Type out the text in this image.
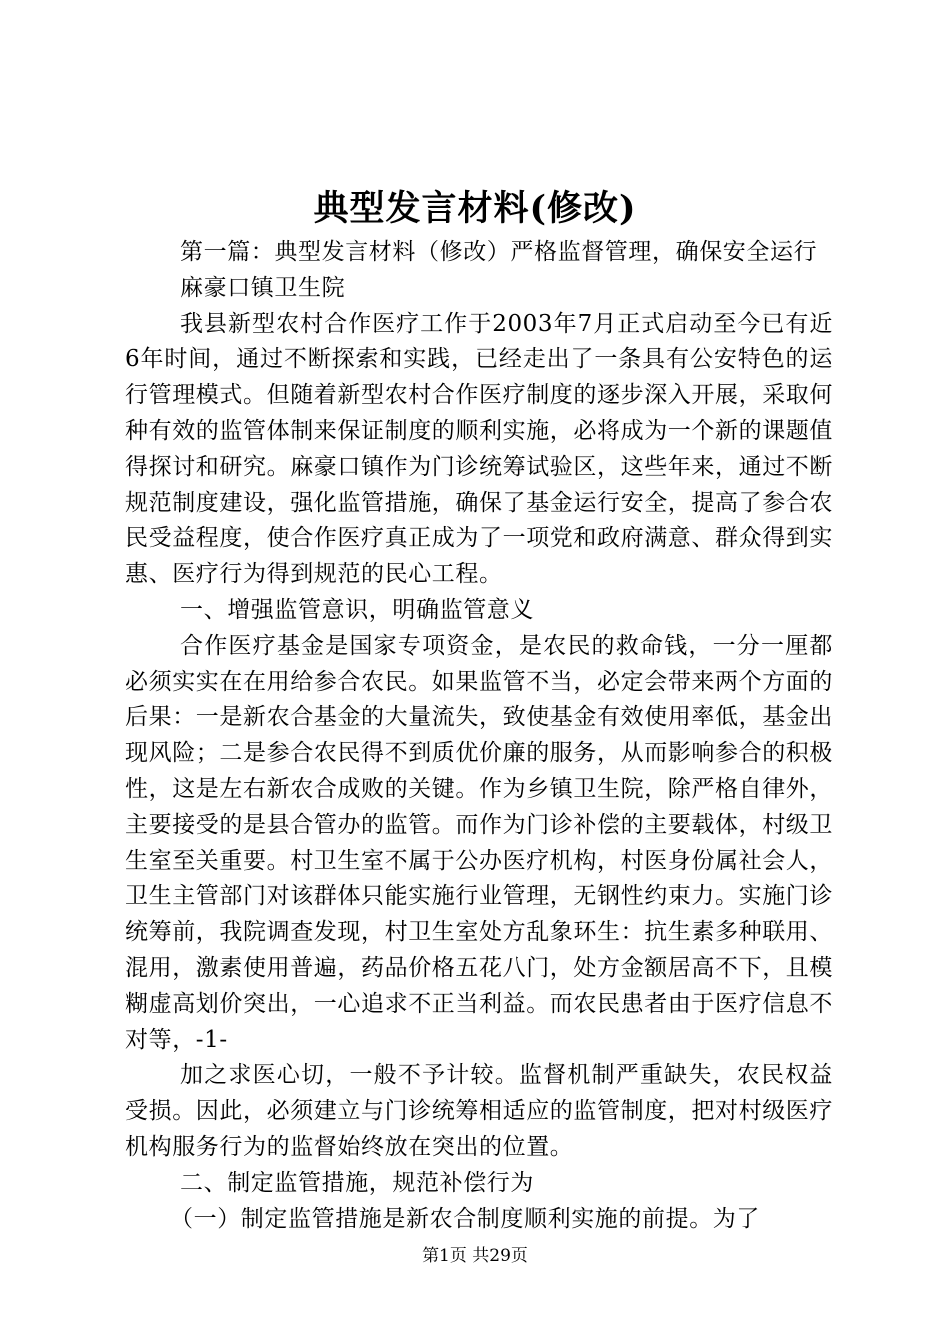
典型发言材料(修改)

第一篇：典型发言材料（修改）严格监督管理，确保安全运行

麻豪口镇卫生院

我县新型农村合作医疗工作于2003年7月正式启动至今已有近6年时间，通过不断探索和实践，已经走出了一条具有公安特色的运行管理模式。但随着新型农村合作医疗制度的逐步深入开展，采取何种有效的监管体制来保证制度的顺利实施，必将成为一个新的课题值得探讨和研究。麻豪口镇作为门诊统筹试验区，这些年来，通过不断规范制度建设，强化监管措施，确保了基金运行安全，提高了参合农民受益程度，使合作医疗真正成为了一项党和政府满意、群众得到实惠、医疗行为得到规范的民心工程。

一、增强监管意识，明确监管意义

合作医疗基金是国家专项资金，是农民的救命钱，一分一厘都必须实实在在用给参合农民。如果监管不当，必定会带来两个方面的后果：一是新农合基金的大量流失，致使基金有效使用率低，基金出现风险；二是参合农民得不到质优价廉的服务，从而影响参合的积极性，这是左右新农合成败的关键。作为乡镇卫生院，除严格自律外，主要接受的是县合管办的监管。而作为门诊补偿的主要载体，村级卫生室至关重要。村卫生室不属于公办医疗机构，村医身份属社会人，卫生主管部门对该群体只能实施行业管理，无钢性约束力。实施门诊统筹前，我院调查发现，村卫生室处方乱象环生：抗生素多种联用、混用，激素使用普遍，药品价格五花八门，处方金额居高不下，且模糊虚高划价突出，一心追求不正当利益。而农民患者由于医疗信息不对等，-1-

加之求医心切，一般不予计较。监督机制严重缺失，农民权益受损。因此，必须建立与门诊统筹相适应的监管制度，把对村级医疗机构服务行为的监督始终放在突出的位置。

二、制定监管措施，规范补偿行为

（一）制定监管措施是新农合制度顺利实施的前提。为了

第1页 共29页
